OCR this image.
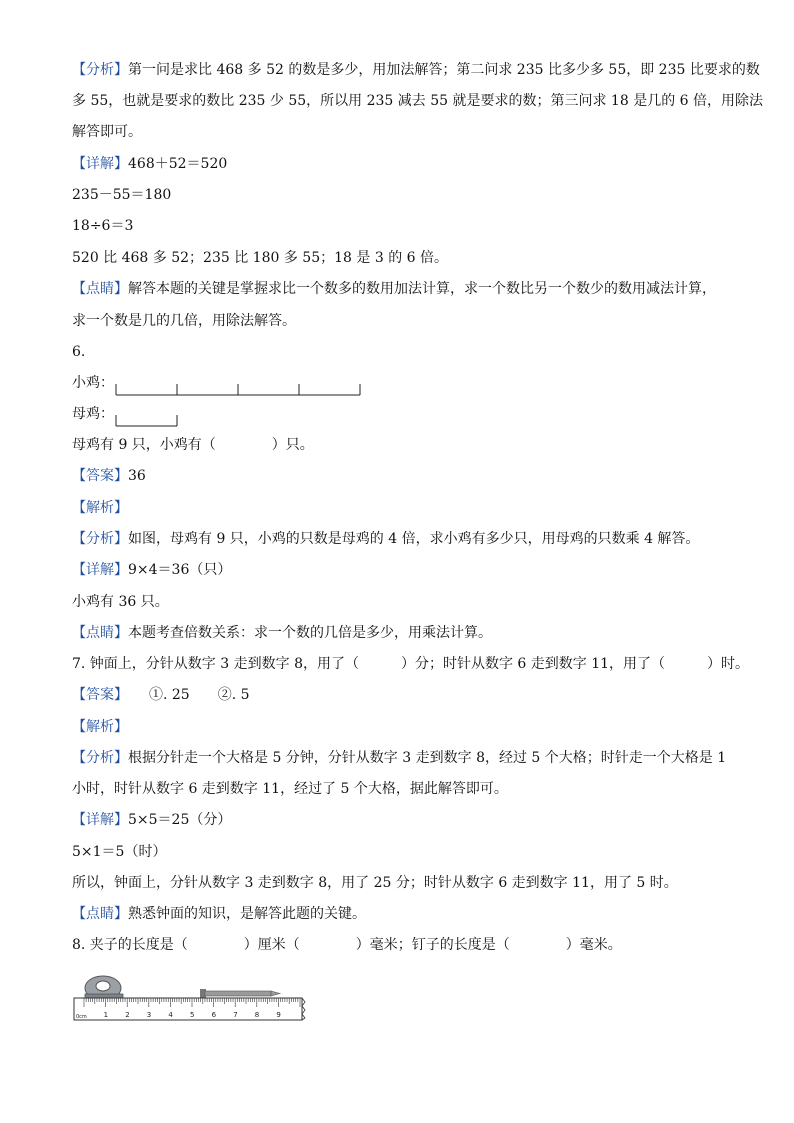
【分析】第一问是求比 468 多 52 的数是多少，用加法解答；第二问求 235 比多少多 55，即 235 比要求的数
多 55，也就是要求的数比 235 少 55，所以用 235 减去 55 就是要求的数；第三问求 18 是几的 6 倍，用除法
解答即可。
【详解】468＋52＝520
235－55＝180
18÷6＝3
520 比 468 多 52；235 比 180 多 55；18 是 3 的 6 倍。
【点睛】解答本题的关键是掌握求比一个数多的数用加法计算，求一个数比另一个数少的数用减法计算，
求一个数是几的几倍，用除法解答。
6.
小鸡：
母鸡：
母鸡有 9 只，小鸡有（　　　　）只。
【答案】36
【解析】
【分析】如图，母鸡有 9 只，小鸡的只数是母鸡的 4 倍，求小鸡有多少只，用母鸡的只数乘 4 解答。
【详解】9×4＝36（只）
小鸡有 36 只。
【点睛】本题考查倍数关系：求一个数的几倍是多少，用乘法计算。
7. 钟面上，分针从数字 3 走到数字 8，用了（　　　）分；时针从数字 6 走到数字 11，用了（　　　）时。
【答案】　　①. 25　　②. 5
【解析】
【分析】根据分针走一个大格是 5 分钟，分针从数字 3 走到数字 8，经过 5 个大格；时针走一个大格是 1
小时，时针从数字 6 走到数字 11，经过了 5 个大格，据此解答即可。
【详解】5×5＝25（分）
5×1＝5（时）
所以，钟面上，分针从数字 3 走到数字 8，用了 25 分；时针从数字 6 走到数字 11，用了 5 时。
【点睛】熟悉钟面的知识，是解答此题的关键。
8. 夹子的长度是（　　　　）厘米（　　　　）毫米；钉子的长度是（　　　　）毫米。
0cm 1 2 3 4 5 6 7 8 9
